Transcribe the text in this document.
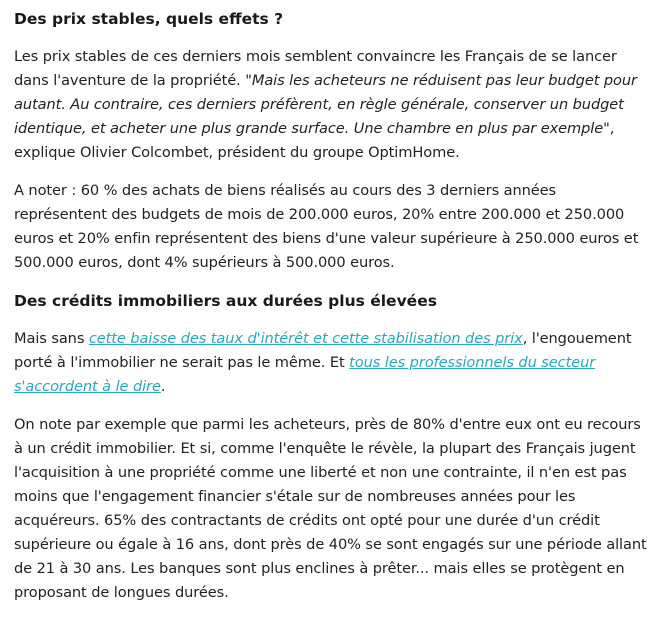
Des prix stables, quels effets ?

Les prix stables de ces derniers mois semblent convaincre les Français de se lancer dans l'aventure de la propriété. "Mais les acheteurs ne réduisent pas leur budget pour autant. Au contraire, ces derniers préfèrent, en règle générale, conserver un budget identique, et acheter une plus grande surface. Une chambre en plus par exemple", explique Olivier Colcombet, président du groupe OptimHome.

A noter : 60 % des achats de biens réalisés au cours des 3 derniers années représentent des budgets de mois de 200.000 euros, 20% entre 200.000 et 250.000 euros et 20% enfin représentent des biens d'une valeur supérieure à 250.000 euros et 500.000 euros, dont 4% supérieurs à 500.000 euros.

Des crédits immobiliers aux durées plus élevées

Mais sans cette baisse des taux d'intérêt et cette stabilisation des prix, l'engouement porté à l'immobilier ne serait pas le même. Et tous les professionnels du secteur s'accordent à le dire.

On note par exemple que parmi les acheteurs, près de 80% d'entre eux ont eu recours à un crédit immobilier. Et si, comme l'enquête le révèle, la plupart des Français jugent l'acquisition à une propriété comme une liberté et non une contrainte, il n'en est pas moins que l'engagement financier s'étale sur de nombreuses années pour les acquéreurs. 65% des contractants de crédits ont opté pour une durée d'un crédit supérieure ou égale à 16 ans, dont près de 40% se sont engagés sur une période allant de 21 à 30 ans. Les banques sont plus enclines à prêter... mais elles se protègent en proposant de longues durées.
